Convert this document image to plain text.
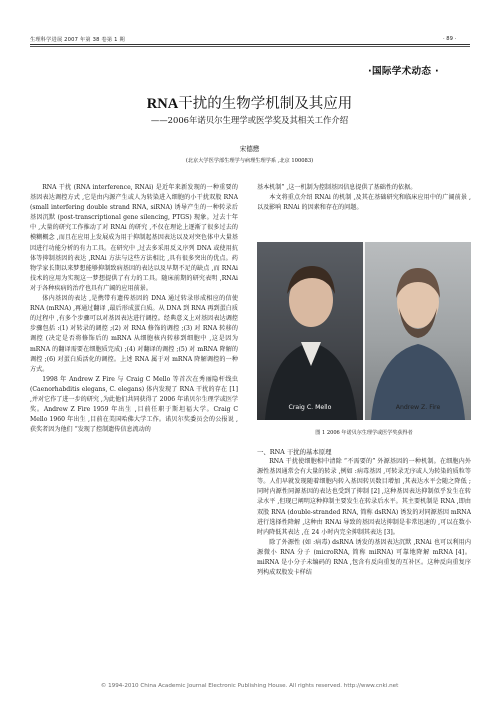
生理科学进展 2007 年第 38 卷第 1 期	· 89 ·
·国际学术动态 ·
RNA干扰的生物学机制及其应用
——2006年诺贝尔生理学或医学奖及其相关工作介绍
宋德懋
(北京大学医学部生理学与病理生理学系 ,北京 100083)

RNA 干扰 (RNA interference, RNAi) 是近年来新发现的一种重要的基因表达调控方式 ,它是由内源产生或人为转染进入细胞的小干扰双股 RNA (small interfering double strand RNA, siRNA) 诱导产生的一种转录后基因沉默 (post-transcriptional gene silencing, PTGS) 现象。过去十年中 ,大量的研究工作推动了对 RNAi 的研究 ,不仅在理论上逐渐了很多过去的模糊概念 ,而且在应用上发展成为用于抑制起基因表达以及对突色体中大量基因进行功能分析的有力工具。在研究中 ,过去多采用反义序列 DNA 或使用抗体等抑制基因的表达 ,RNAi 方法与这些方法相比 ,具有很多突出的优点。药物学家长期以来梦想能够抑制致病基因的表达以及早期不足的缺点 ,而 RNAi 技术的应用为实现这一梦想提供了有力的工具。随床前期的研究表明 ,RNAi 对于各种疾病的治疗也具有广阔的应用前景。

体内基因的表达 ,是携带有遗传基因的 DNA 通过转录形成相应的信使 RNA (mRNA) ,再通过翻译 ,最后形成蛋白质。从 DNA 到 RNA 再到蛋白质的过程中 ,有多个步骤可以对基因表达进行调控。经典意义上对基因表达调控步骤包括 :(1) 对转录的调控 ;(2) 对 RNA 修饰的调控 ;(3) 对 RNA 转移的调控 (决定是否将修饰后的 mRNA 从细胞核内转移到细胞中 ,这是因为 mRNA 的翻译需要在细胞质完成) ;(4) 对翻译的调控 ;(5) 对 mRNA 降解的调控 ;(6) 对蛋白质活化的调控。上述 RNA 属于对 mRNA 降解调控的一种方式。

1998 年 Andrew Z Fire 与 Craig C Mello 等首次在秀丽隐杆线虫 (Caenorhabditis elegans, C. elegans) 体内发现了 RNA 干扰的存在 [1] ,并对它作了进一步的研究 ,为此他们共同获得了 2006 年诺贝尔生理学或医学奖。Andrew Z Fire 1959 年出生 ,目前任职于斯坦福大学。Craig C Mello 1960 年出生 ,目前在美国哈佛大学工作。诺贝尔奖委员会的公报说 ,获奖者因为他们 “发现了控制遗传信息流动的

基本机制” ,这一机制为控制基因信息提供了基础性的依据。

本文将重点介绍 RNAi 的机制 ,及其在基础研究和临床应用中的广阔前景 ,以及影响 RNAi 的因素和存在的问题。

Craig C. Mello	Andrew Z. Fire
图 1 2006 年诺贝尔生理学或医学奖获得者

一、RNA 干扰的基本原理

RNA 干扰使细胞相中清除 “不需要的” 外源基因的一种机制。在细胞内外源性基因通常会有大量的转录 ,例如 :病毒基因 ,可转录无序或人为转染的质粒等等。人们早就发现随着细胞内转入基因转贝数目增加 ,其表达水平会随之降低 ;同时内源性同源基因的表达也受到了抑制 [2] ,这种基因表达抑制似乎发生在转录水平 ,但现已阐明这种抑制主要发生在转录后水平。其主要机制是 RNA ,即由双股 RNA (double-stranded RNA, 简称 dsRNA) 诱发的对同源基因 mRNA 进行选择性降解 ,这种由 RNAi 导致的基因表达抑制是非常迅速的 ,可以在数小时内降低其表达 ,在 24 小时内完全抑制其表达 [3]。

除了外源性 (如 :病毒) dsRNA 诱发的基因表达沉默 ,RNAi 也可以利用内源微小 RNA 分子 (microRNA, 简称 miRNA) 可靠地降解 mRNA [4]。miRNA 是小分子未编码的 RNA ,包含有反向重复的互补区。这种反向重复序列构成双股发卡样结

© 1994-2010 China Academic Journal Electronic Publishing House. All rights reserved. http://www.cnki.net
